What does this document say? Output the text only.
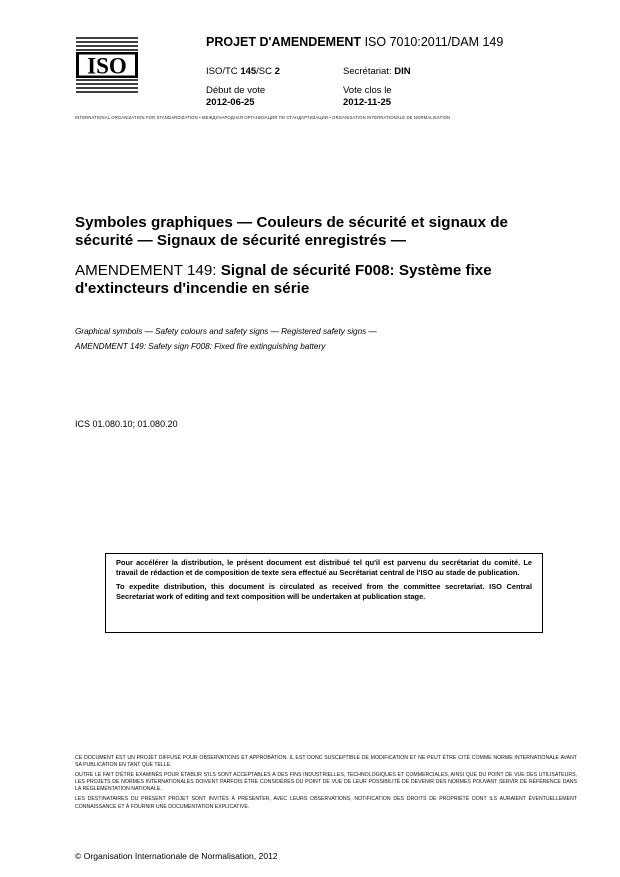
ISO
PROJET D'AMENDEMENT ISO 7010:2011/DAM 149
ISO/TC 145/SC 2	Secrétariat: DIN
Début de vote
2012-06-25
Vote clos le
2012-11-25
INTERNATIONAL ORGANIZATION FOR STANDARDIZATION • МЕЖДУНАРОДНАЯ ОРГАНИЗАЦИЯ ПО СТАНДАРТИЗАЦИИ • ORGANISATION INTERNATIONALE DE NORMALISATION
Symboles graphiques — Couleurs de sécurité et signaux de sécurité — Signaux de sécurité enregistrés —
AMENDEMENT 149: Signal de sécurité F008: Système fixe d'extincteurs d'incendie en série
Graphical symbols — Safety colours and safety signs — Registered safety signs —
AMENDMENT 149: Safety sign F008: Fixed fire extinguishing battery
ICS 01.080.10; 01.080.20

Pour accélérer la distribution, le présent document est distribué tel qu'il est parvenu du secrétariat du comité. Le travail de rédaction et de composition de texte sera effectué au Secrétariat central de l'ISO au stade de publication.

To expedite distribution, this document is circulated as received from the committee secretariat. ISO Central Secretariat work of editing and text composition will be undertaken at publication stage.

CE DOCUMENT EST UN PROJET DIFFUSÉ POUR OBSERVATIONS ET APPROBATION. IL EST DONC SUSCEPTIBLE DE MODIFICATION ET NE PEUT ÊTRE CITÉ COMME NORME INTERNATIONALE AVANT SA PUBLICATION EN TANT QUE TELLE.

OUTRE LE FAIT D'ÊTRE EXAMINÉS POUR ÉTABLIR S'ILS SONT ACCEPTABLES À DES FINS INDUSTRIELLES, TECHNOLOGIQUES ET COMMERCIALES, AINSI QUE DU POINT DE VUE DES UTILISATEURS, LES PROJETS DE NORMES INTERNATIONALES DOIVENT PARFOIS ÊTRE CONSIDÉRÉS DU POINT DE VUE DE LEUR POSSIBILITÉ DE DEVENIR DES NORMES POUVANT SERVIR DE RÉFÉRENCE DANS LA RÉGLEMENTATION NATIONALE.

LES DESTINATAIRES DU PRÉSENT PROJET SONT INVITÉS À PRÉSENTER, AVEC LEURS OBSERVATIONS, NOTIFICATION DES DROITS DE PROPRIÉTÉ DONT ILS AURAIENT ÉVENTUELLEMENT CONNAISSANCE ET À FOURNIR UNE DOCUMENTATION EXPLICATIVE.

© Organisation Internationale de Normalisation, 2012
